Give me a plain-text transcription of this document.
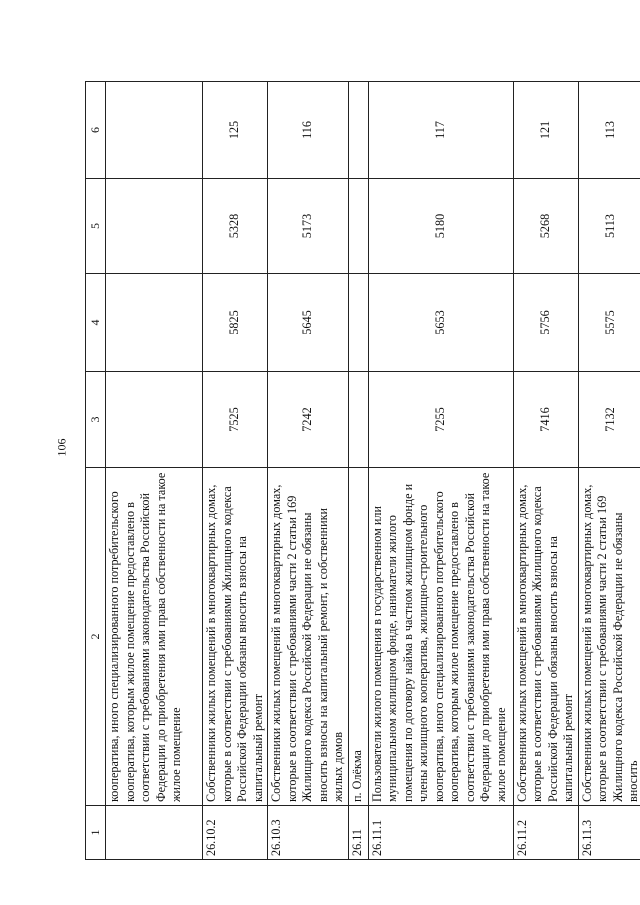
106
1	2	3	4	5	6
	кооператива, иного специализированного потребительского кооператива, которым жилое помещение предоставлено в соответствии с требованиями законодательства Российской Федерации до приобретения ими права собственности на такое жилое помещение				
26.10.2	Собственники жилых помещений в многоквартирных домах, которые в соответствии с требованиями Жилищного кодекса Российской Федерации обязаны вносить взносы на капитальный ремонт	7525	5825	5328	125
26.10.3	Собственники жилых помещений в многоквартирных домах, которые в соответствии с требованиями части 2 статьи 169 Жилищного кодекса Российской Федерации не обязаны вносить взносы на капитальный ремонт, и собственники жилых домов	7242	5645	5173	116
26.11	п. Олёкма				
26.11.1	Пользователи жилого помещения в государственном или муниципальном жилищном фонде, наниматели жилого помещения по договору найма в частном жилищном фонде и члены жилищного кооператива, жилищно-строительного кооператива, иного специализированного потребительского кооператива, которым жилое помещение предоставлено в соответствии с требованиями законодательства Российской Федерации до приобретения ими права собственности на такое жилое помещение	7255	5653	5180	117
26.11.2	Собственники жилых помещений в многоквартирных домах, которые в соответствии с требованиями Жилищного кодекса Российской Федерации обязаны вносить взносы на капитальный ремонт	7416	5756	5268	121
26.11.3	Собственники жилых помещений в многоквартирных домах, которые в соответствии с требованиями части 2 статьи 169 Жилищного кодекса Российской Федерации не обязаны вносить	7132	5575	5113	113
